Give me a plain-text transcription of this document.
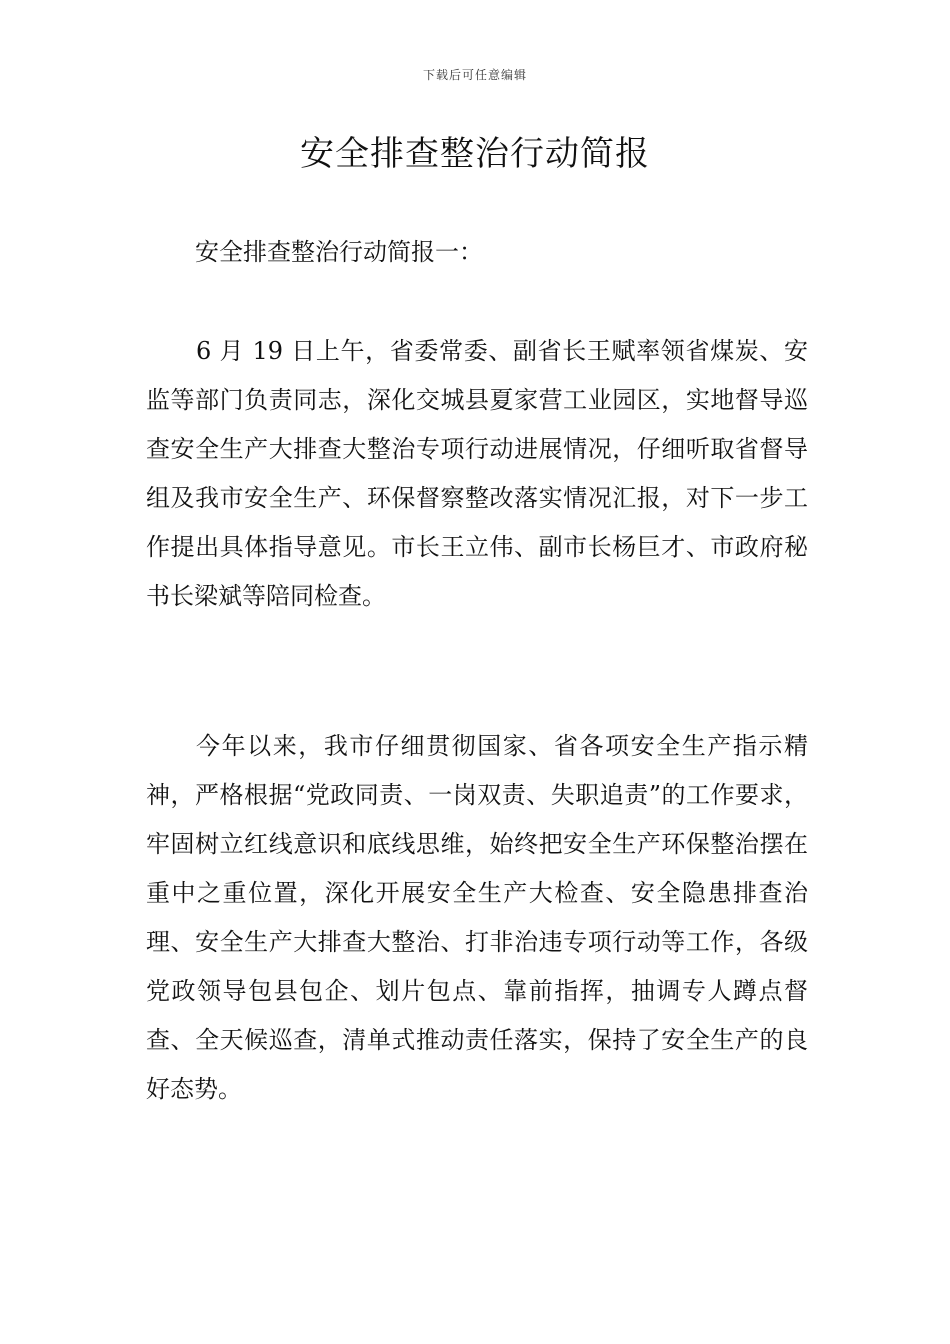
下载后可任意编辑
安全排查整治行动简报

安全排查整治行动简报一：

6 月 19 日上午，省委常委、副省长王赋率领省煤炭、安监等部门负责同志，深化交城县夏家营工业园区，实地督导巡查安全生产大排查大整治专项行动进展情况，仔细听取省督导组及我市安全生产、环保督察整改落实情况汇报，对下一步工作提出具体指导意见。市长王立伟、副市长杨巨才、市政府秘书长梁斌等陪同检查。

今年以来，我市仔细贯彻国家、省各项安全生产指示精神，严格根据“党政同责、一岗双责、失职追责”的工作要求，牢固树立红线意识和底线思维，始终把安全生产环保整治摆在重中之重位置，深化开展安全生产大检查、安全隐患排查治理、安全生产大排查大整治、打非治违专项行动等工作，各级党政领导包县包企、划片包点、靠前指挥，抽调专人蹲点督查、全天候巡查，清单式推动责任落实，保持了安全生产的良好态势。
